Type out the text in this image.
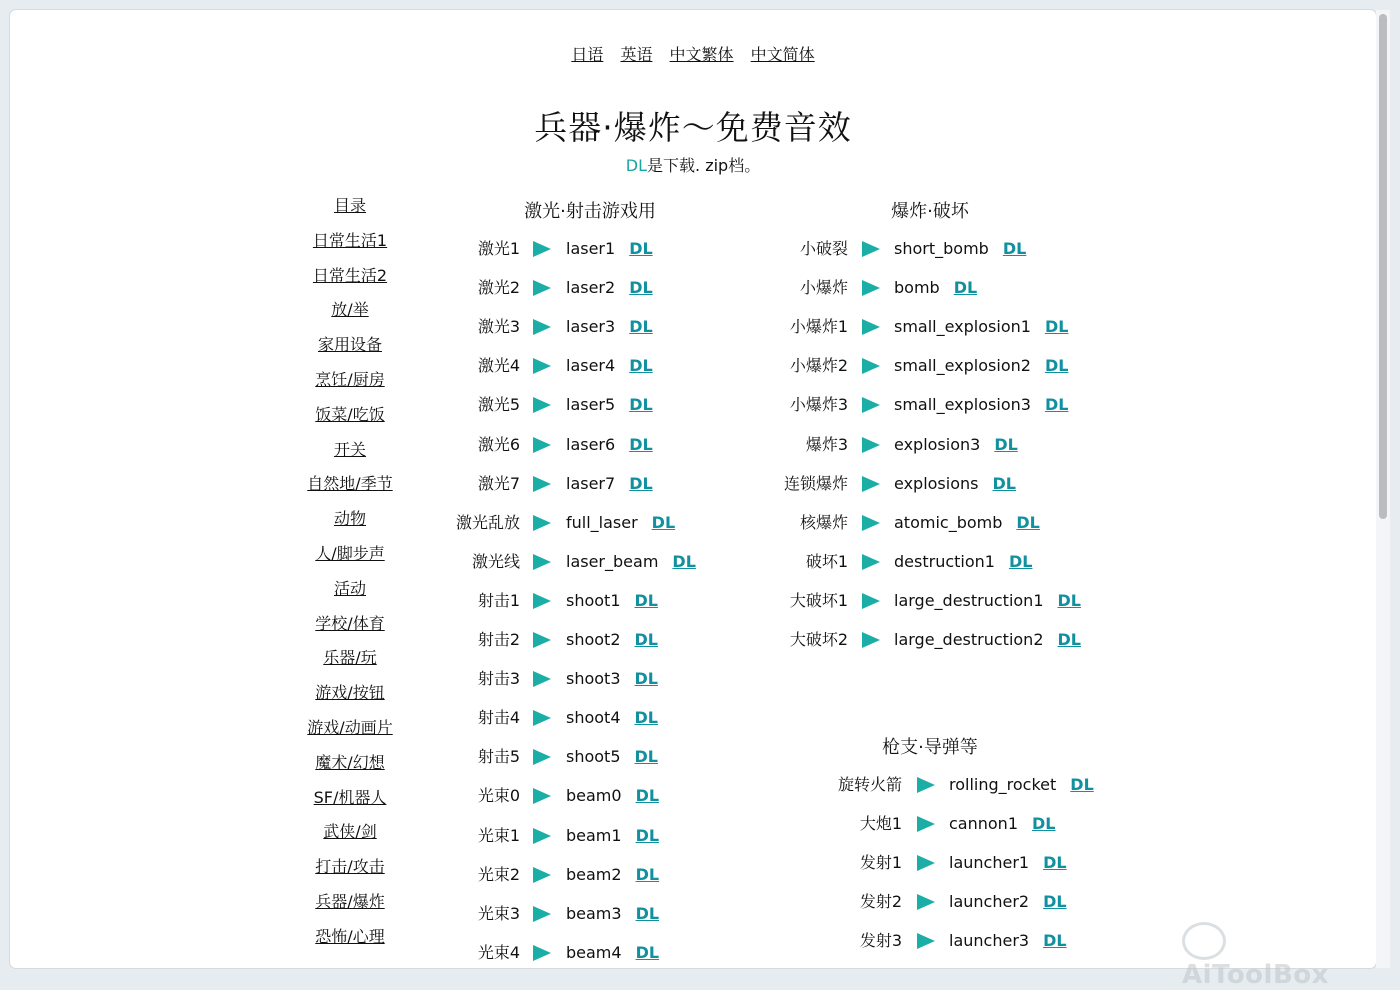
日语 英语 中文繁体 中文简体
兵器·爆炸～免费音效
DL是下载. zip档。
目录
日常生活1
日常生活2
放/举
家用设备
烹饪/厨房
饭菜/吃饭
开关
自然地/季节
动物
人/脚步声
活动
学校/体育
乐器/玩
游戏/按钮
游戏/动画片
魔术/幻想
SF/机器人
武侠/剑
打击/攻击
兵器/爆炸
恐怖/心理
激光·射击游戏用
激光1	laser1 DL
激光2	laser2 DL
激光3	laser3 DL
激光4	laser4 DL
激光5	laser5 DL
激光6	laser6 DL
激光7	laser7 DL
激光乱放	full_laser DL
激光线	laser_beam DL
射击1	shoot1 DL
射击2	shoot2 DL
射击3	shoot3 DL
射击4	shoot4 DL
射击5	shoot5 DL
光束0	beam0 DL
光束1	beam1 DL
光束2	beam2 DL
光束3	beam3 DL
光束4	beam4 DL
爆炸·破坏
小破裂	short_bomb DL
小爆炸	bomb DL
小爆炸1	small_explosion1 DL
小爆炸2	small_explosion2 DL
小爆炸3	small_explosion3 DL
爆炸3	explosion3 DL
连锁爆炸	explosions DL
核爆炸	atomic_bomb DL
破坏1	destruction1 DL
大破坏1	large_destruction1 DL
大破坏2	large_destruction2 DL
枪支·导弹等
旋转火箭	rolling_rocket DL
大炮1	cannon1 DL
发射1	launcher1 DL
发射2	launcher2 DL
发射3	launcher3 DL
AiToolBox
